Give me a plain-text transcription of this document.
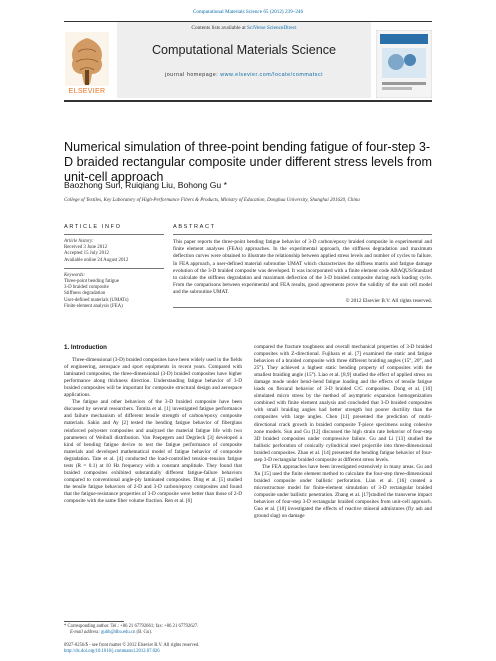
Computational Materials Science 65 (2012) 239–246
ELSEVIER
Contents lists available at SciVerse ScienceDirect
Computational Materials Science
journal homepage: www.elsevier.com/locate/commatsci
Numerical simulation of three-point bending fatigue of four-step 3-D braided rectangular composite under different stress levels from unit-cell approach
Baozhong Sun, Ruiqiang Liu, Bohong Gu *
College of Textiles, Key Laboratory of High-Performance Fibers & Products, Ministry of Education, Donghua University, Shanghai 201620, China
ARTICLE INFO
Article history:
Received 3 June 2012
Accepted 15 July 2012
Available online 24 August 2012
Keywords:
Three-point bending fatigue
3-D braided composite
Stiffness degradation
User-defined materials (UMATs)
Finite element analysis (FEA)
ABSTRACT
This paper reports the three-point bending fatigue behavior of 3-D carbon/epoxy braided composite in experimental and finite element analyses (FEAs) approaches. In the experimental approach, the stiffness degradation and maximum deflection curves were obtained to illustrate the relationship between applied stress levels and number of cycles to failure. In FEA approach, a user-defined material subroutine UMAT which characterizes the stiffness matrix and fatigue damage evolution of the 3-D braided composite was developed. It was incorporated with a finite element code ABAQUS/Standard to calculate the stiffness degradation and maximum deflection of the 3-D braided composite during each loading cycle. From the comparisons between experimental and FEA results, good agreements prove the validity of the unit cell model and the subroutine UMAT.
© 2012 Elsevier B.V. All rights reserved.
1. Introduction

Three-dimensional (3-D) braided composites have been widely used in the fields of engineering, aerospace and sport equipments in recent years. Compared with laminated composites, the three-dimensional (3-D) braided composites have higher performance along thickness direction. Understanding fatigue behavior of 3-D braided composites will be important for composite structural design and aerospace applications.

The fatigue and other behaviors of the 3-D braided composite have been discussed by several researchers. Tomita et al. [1] investigated fatigue performance and failure mechanism of different tensile strength of carbon/epoxy composite materials. Sakin and Ay [2] tested the bending fatigue behavior of fiberglass reinforced polyester composites and analyzed the material fatigue life with two parameters of Weibull distribution. Van Paepegem and Degrieck [3] developed a kind of bending fatigue device to test the fatigue performance of composite materials and developed mathematical model of fatigue behavior of composite degradation. Tate et al. [4] conducted the load-controlled tension–tension fatigue tests (R = 0.1) at 10 Hz frequency with a constant amplitude. They found that braided composites exhibited substantially different fatigue-failure behaviors compared to conventional angle-ply laminated composites. Ding et al. [5] studied the tensile fatigue behaviors of 2-D and 3-D carbon/epoxy composites and found that the fatigue-resistance properties of 3-D composite were better than those of 2-D composite with the same fiber volume fraction. Ren et al. [6]

compared the fracture toughness and overall mechanical properties of 3-D braided composites with Z-directional. Fujihara et al. [7] examined the static and fatigue behaviors of a braided composite with three different braiding angles (15°, 20°, and 25°). They achieved a highest static bending property of composites with the smallest braiding angle (15°). Liao et al. [8,9] studied the effect of applied stress on damage mode under bend–bend fatigue loading and the effects of tensile fatigue loads on flexural behavior of 3-D braided C/C composites. Dong et al. [10] simulated micro stress by the method of asymptotic expansion homogenization combined with finite element analysis and concluded that 3-D braided composites with small braiding angles had better strength but poorer ductility than the composites with large angles. Chen [11] presented the prediction of multi-directional crack growth in braided composite T-piece specimens using cohesive zone models. Sun and Gu [12] discussed the high strain rate behavior of four-step 3D braided composites under compressive failure. Gu and Li [13] studied the ballistic perforation of conically cylindrical steel projectile into three-dimensional braided composites. Zhao et al. [14] presented the bending fatigue behavior of four-step 3-D rectangular braided composite at different stress levels.

The FEA approaches have been investigated extensively in many areas. Gu and Xu [15] used the finite element method to calculate the four-step three-dimensional braided composite under ballistic perforation. Lian et al. [16] created a microstructure model for finite-element simulation of 3-D rectangular braided composite under ballistic penetration. Zhang et al. [17]studied the transverse impact behaviors of four-step 3-D rectangular braided composites from unit-cell approach. Guo et al. [18] investigated the effects of reactive mineral admixtures (fly ash and ground slag) on damage

* Corresponding author. Tel.: +86 21 67792661; fax: +86 21 67792627.
E-mail address: gubh@dhu.edu.cn (B. Gu).
0927-0256/$ - see front matter © 2012 Elsevier B.V. All rights reserved.
http://dx.doi.org/10.1016/j.commatsci.2012.07.026
